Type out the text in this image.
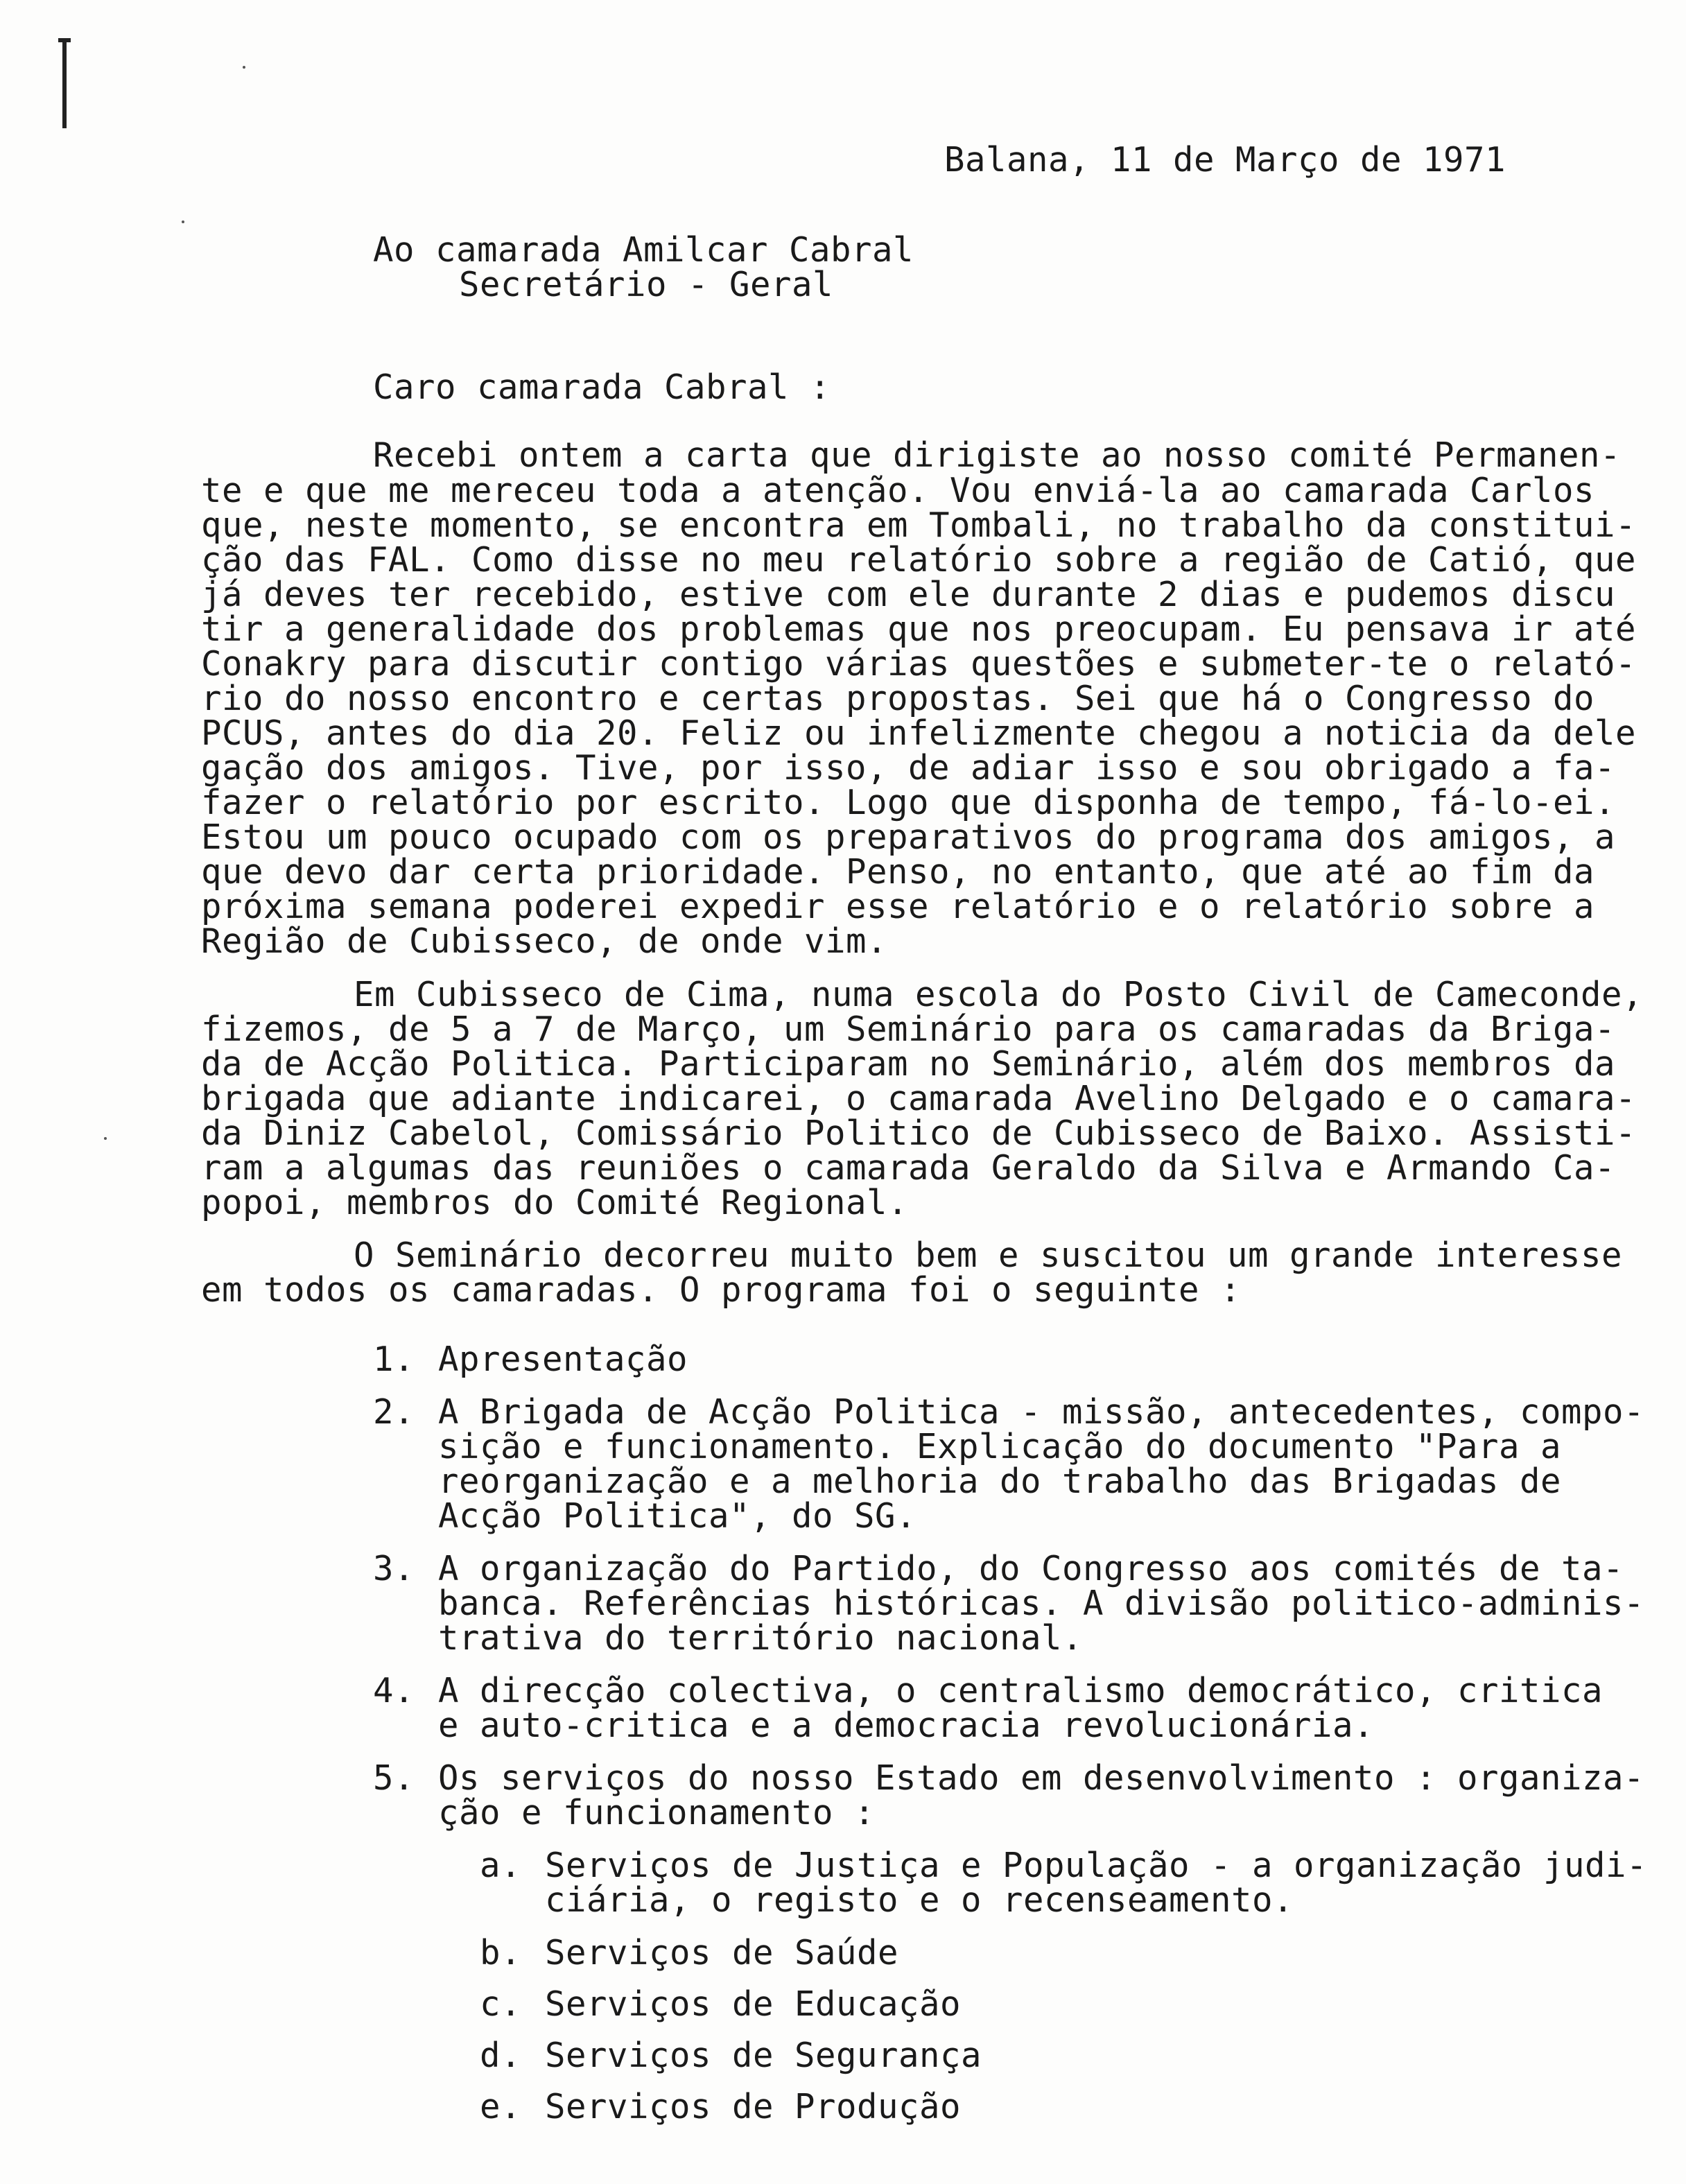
Balana, 11 de Março de 1971
Ao camarada Amilcar Cabral
Secretário - Geral
Caro camarada Cabral :
Recebi ontem a carta que dirigiste ao nosso comité Permanen-
te e que me mereceu toda a atenção. Vou enviá-la ao camarada Carlos
que, neste momento, se encontra em Tombali, no trabalho da constitui-
ção das FAL. Como disse no meu relatório sobre a região de Catió, que
já deves ter recebido, estive com ele durante 2 dias e pudemos discu
tir a generalidade dos problemas que nos preocupam. Eu pensava ir até
Conakry para discutir contigo várias questões e submeter-te o relató-
rio do nosso encontro e certas propostas. Sei que há o Congresso do
PCUS, antes do dia 20. Feliz ou infelizmente chegou a noticia da dele
gação dos amigos. Tive, por isso, de adiar isso e sou obrigado a fa-
fazer o relatório por escrito. Logo que disponha de tempo, fá-lo-ei.
Estou um pouco ocupado com os preparativos do programa dos amigos, a
que devo dar certa prioridade. Penso, no entanto, que até ao fim da
próxima semana poderei expedir esse relatório e o relatório sobre a
Região de Cubisseco, de onde vim.
Em Cubisseco de Cima, numa escola do Posto Civil de Cameconde,
fizemos, de 5 a 7 de Março, um Seminário para os camaradas da Briga-
da de Acção Politica. Participaram no Seminário, além dos membros da
brigada que adiante indicarei, o camarada Avelino Delgado e o camara-
da Diniz Cabelol, Comissário Politico de Cubisseco de Baixo. Assisti-
ram a algumas das reuniões o camarada Geraldo da Silva e Armando Ca-
popoi, membros do Comité Regional.
O Seminário decorreu muito bem e suscitou um grande interesse
em todos os camaradas. O programa foi o seguinte :
1. Apresentação
2. A Brigada de Acção Politica - missão, antecedentes, compo-
sição e funcionamento. Explicação do documento "Para a
reorganização e a melhoria do trabalho das Brigadas de
Acção Politica", do SG.
3. A organização do Partido, do Congresso aos comités de ta-
banca. Referências históricas. A divisão politico-adminis-
trativa do território nacional.
4. A direcção colectiva, o centralismo democrático, critica
e auto-critica e a democracia revolucionária.
5. Os serviços do nosso Estado em desenvolvimento : organiza-
ção e funcionamento :
a. Serviços de Justiça e População - a organização judi-
ciária, o registo e o recenseamento.
b. Serviços de Saúde
c. Serviços de Educação
d. Serviços de Segurança
e. Serviços de Produção
